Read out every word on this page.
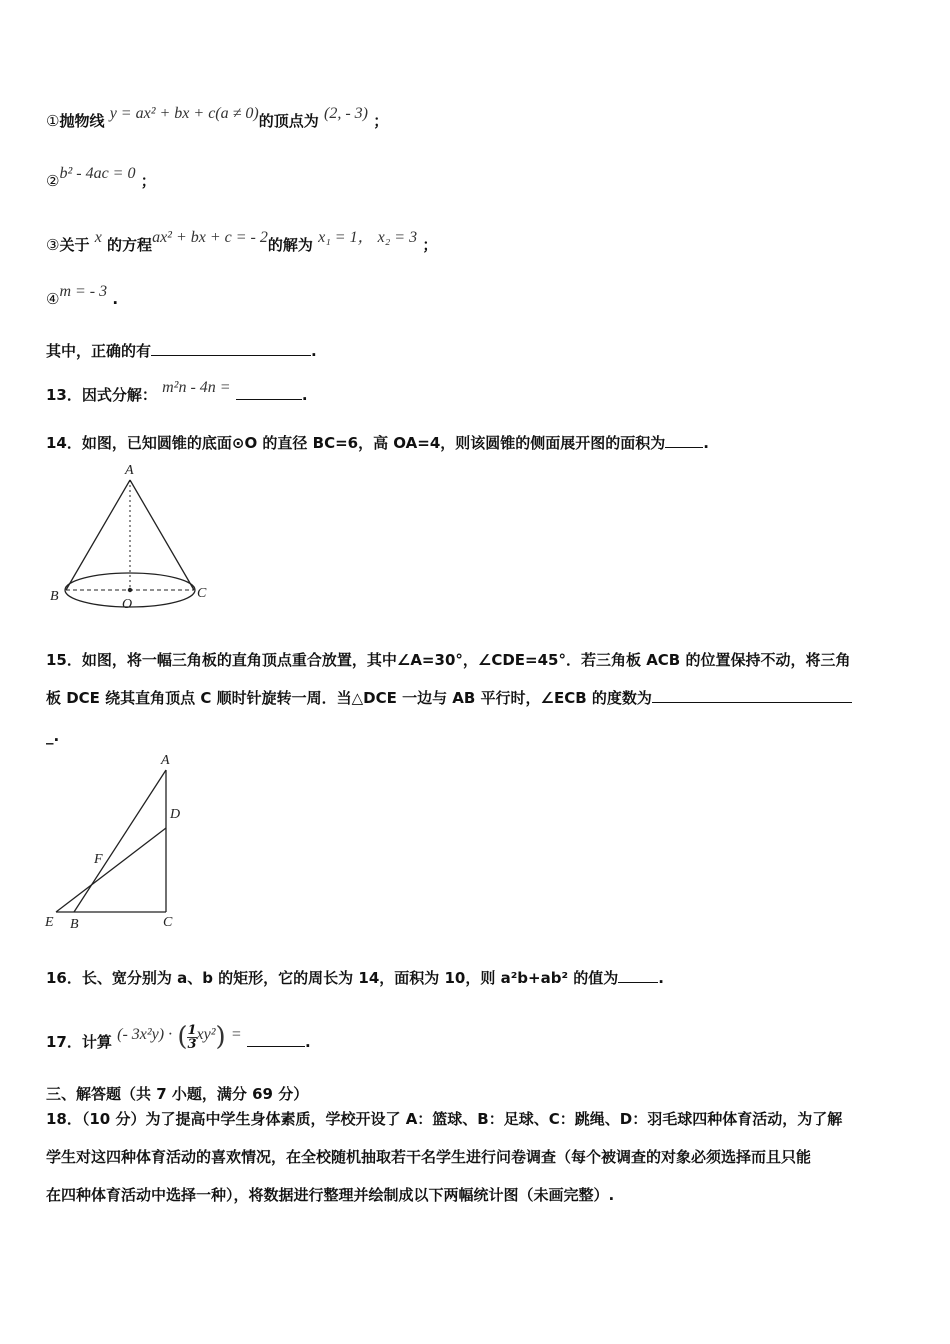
①抛物线 y = ax² + bx + c(a ≠ 0)的顶点为 (2, - 3) ；
②b² - 4ac = 0 ；
③关于 x 的方程ax² + bx + c = - 2的解为 x₁ = 1， x₂ = 3 ；
④m = - 3 .
其中，正确的有	.
13．因式分解： m²n - 4n =	.
14．如图，已知圆锥的底面⊙O 的直径 BC=6，高 OA=4，则该圆锥的侧面展开图的面积为	.
A
B	C
O
15．如图，将一幅三角板的直角顶点重合放置，其中∠A=30°，∠CDE=45°．若三角板 ACB 的位置保持不动，将三角
板 DCE 绕其直角顶点 C 顺时针旋转一周．当△DCE 一边与 AB 平行时，∠ECB 的度数为
_.
A
D
F
E B	C
16．长、宽分别为 a、b 的矩形，它的周长为 14，面积为 10，则 a²b+ab² 的值为	.
17．计算 (- 3x²y) · ( $\frac{1}{3} xy^2$) =	.
三、解答题（共 7 小题，满分 69 分）
18．（10 分）为了提高中学生身体素质，学校开设了 A：篮球、B：足球、C：跳绳、D：羽毛球四种体育活动，为了解
学生对这四种体育活动的喜欢情况，在全校随机抽取若干名学生进行问卷调查（每个被调查的对象必须选择而且只能
在四种体育活动中选择一种），将数据进行整理并绘制成以下两幅统计图（未画完整）.
